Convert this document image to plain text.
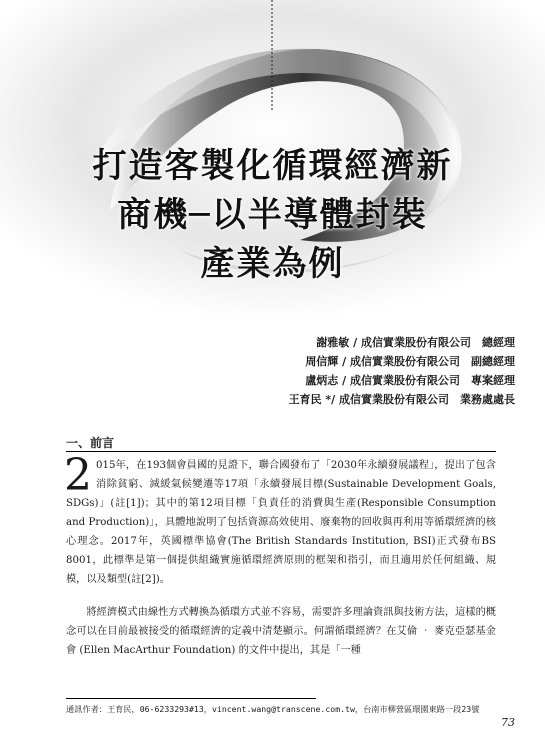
打造客製化循環經濟新
商機─以半導體封裝
產業為例
謝雅敏 / 成信實業股份有限公司　總經理
周信輝 / 成信實業股份有限公司　副總經理
盧炳志 / 成信實業股份有限公司　專案經理
王育民 */ 成信實業股份有限公司　業務處處長
一、前言
2 015年，在193個會員國的見證下，聯合國發布了「2030年永續發展議程」，提出了包含消除貧窮、減緩氣候變遷等17項「永續發展目標(Sustainable Development Goals, SDGs)」(註[1])；其中的第12項目標「負責任的消費與生產(Responsible Consumption and Production)」，具體地說明了包括資源高效使用、廢棄物的回收與再利用等循環經濟的核心理念。2017年，英國標準協會(The British Standards Institution, BSI)正式發布BS 8001，此標準是第一個提供組織實施循環經濟原則的框架和指引，而且適用於任何組織、規模，以及類型(註[2])。
將經濟模式由線性方式轉換為循環方式並不容易，需要許多理論資訊與技術方法，這樣的概念可以在目前最被接受的循環經濟的定義中清楚顯示。何謂循環經濟？在艾倫 ‧ 麥克亞瑟基金會 (Ellen MacArthur Foundation) 的文件中提出，其是「一種
通訊作者：王育民，06-6233293#13，vincent.wang@transcene.com.tw，台南市柳營區環園東路一段23號
73
